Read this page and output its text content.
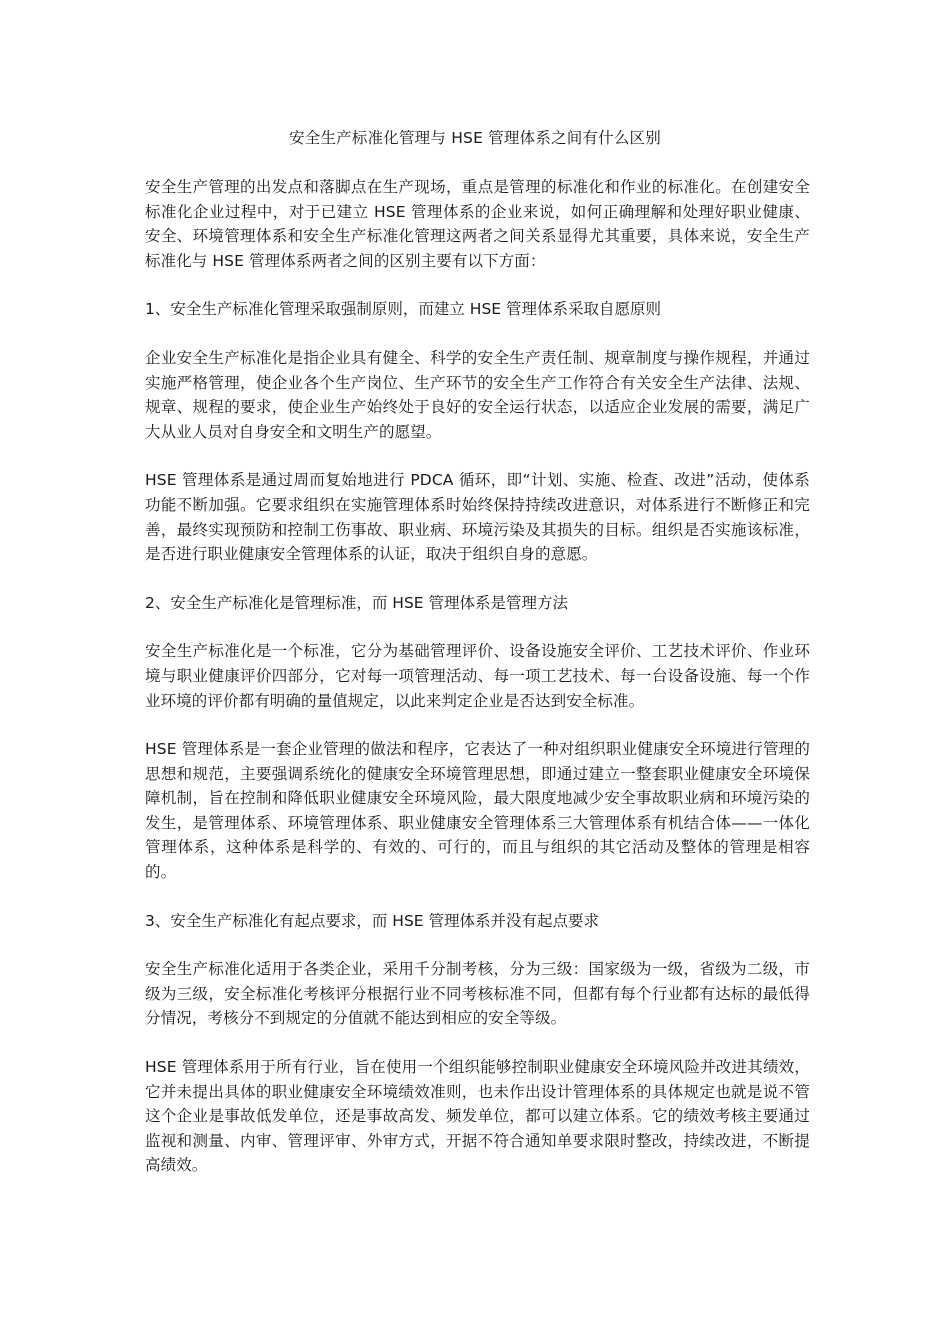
安全生产标准化管理与 HSE 管理体系之间有什么区别

安全生产管理的出发点和落脚点在生产现场，重点是管理的标准化和作业的标准化。在创建安全标准化企业过程中，对于已建立 HSE 管理体系的企业来说，如何正确理解和处理好职业健康、安全、环境管理体系和安全生产标准化管理这两者之间关系显得尤其重要，具体来说，安全生产标准化与 HSE 管理体系两者之间的区别主要有以下方面：

1、安全生产标准化管理采取强制原则，而建立 HSE 管理体系采取自愿原则

企业安全生产标准化是指企业具有健全、科学的安全生产责任制、规章制度与操作规程，并通过实施严格管理，使企业各个生产岗位、生产环节的安全生产工作符合有关安全生产法律、法规、规章、规程的要求，使企业生产始终处于良好的安全运行状态，以适应企业发展的需要，满足广大从业人员对自身安全和文明生产的愿望。

HSE 管理体系是通过周而复始地进行 PDCA 循环，即“计划、实施、检查、改进”活动，使体系功能不断加强。它要求组织在实施管理体系时始终保持持续改进意识，对体系进行不断修正和完善，最终实现预防和控制工伤事故、职业病、环境污染及其损失的目标。组织是否实施该标准，是否进行职业健康安全管理体系的认证，取决于组织自身的意愿。

2、安全生产标准化是管理标准，而 HSE 管理体系是管理方法

安全生产标准化是一个标准，它分为基础管理评价、设备设施安全评价、工艺技术评价、作业环境与职业健康评价四部分，它对每一项管理活动、每一项工艺技术、每一台设备设施、每一个作业环境的评价都有明确的量值规定，以此来判定企业是否达到安全标准。

HSE 管理体系是一套企业管理的做法和程序，它表达了一种对组织职业健康安全环境进行管理的思想和规范，主要强调系统化的健康安全环境管理思想，即通过建立一整套职业健康安全环境保障机制，旨在控制和降低职业健康安全环境风险，最大限度地减少安全事故职业病和环境污染的发生，是管理体系、环境管理体系、职业健康安全管理体系三大管理体系有机结合体——一体化管理体系，这种体系是科学的、有效的、可行的，而且与组织的其它活动及整体的管理是相容的。

3、安全生产标准化有起点要求，而 HSE 管理体系并没有起点要求

安全生产标准化适用于各类企业，采用千分制考核，分为三级：国家级为一级，省级为二级，市级为三级，安全标准化考核评分根据行业不同考核标准不同，但都有每个行业都有达标的最低得分情况，考核分不到规定的分值就不能达到相应的安全等级。

HSE 管理体系用于所有行业，旨在使用一个组织能够控制职业健康安全环境风险并改进其绩效，它并未提出具体的职业健康安全环境绩效准则，也未作出设计管理体系的具体规定也就是说不管这个企业是事故低发单位，还是事故高发、频发单位，都可以建立体系。它的绩效考核主要通过监视和测量、内审、管理评审、外审方式，开据不符合通知单要求限时整改，持续改进，不断提高绩效。
